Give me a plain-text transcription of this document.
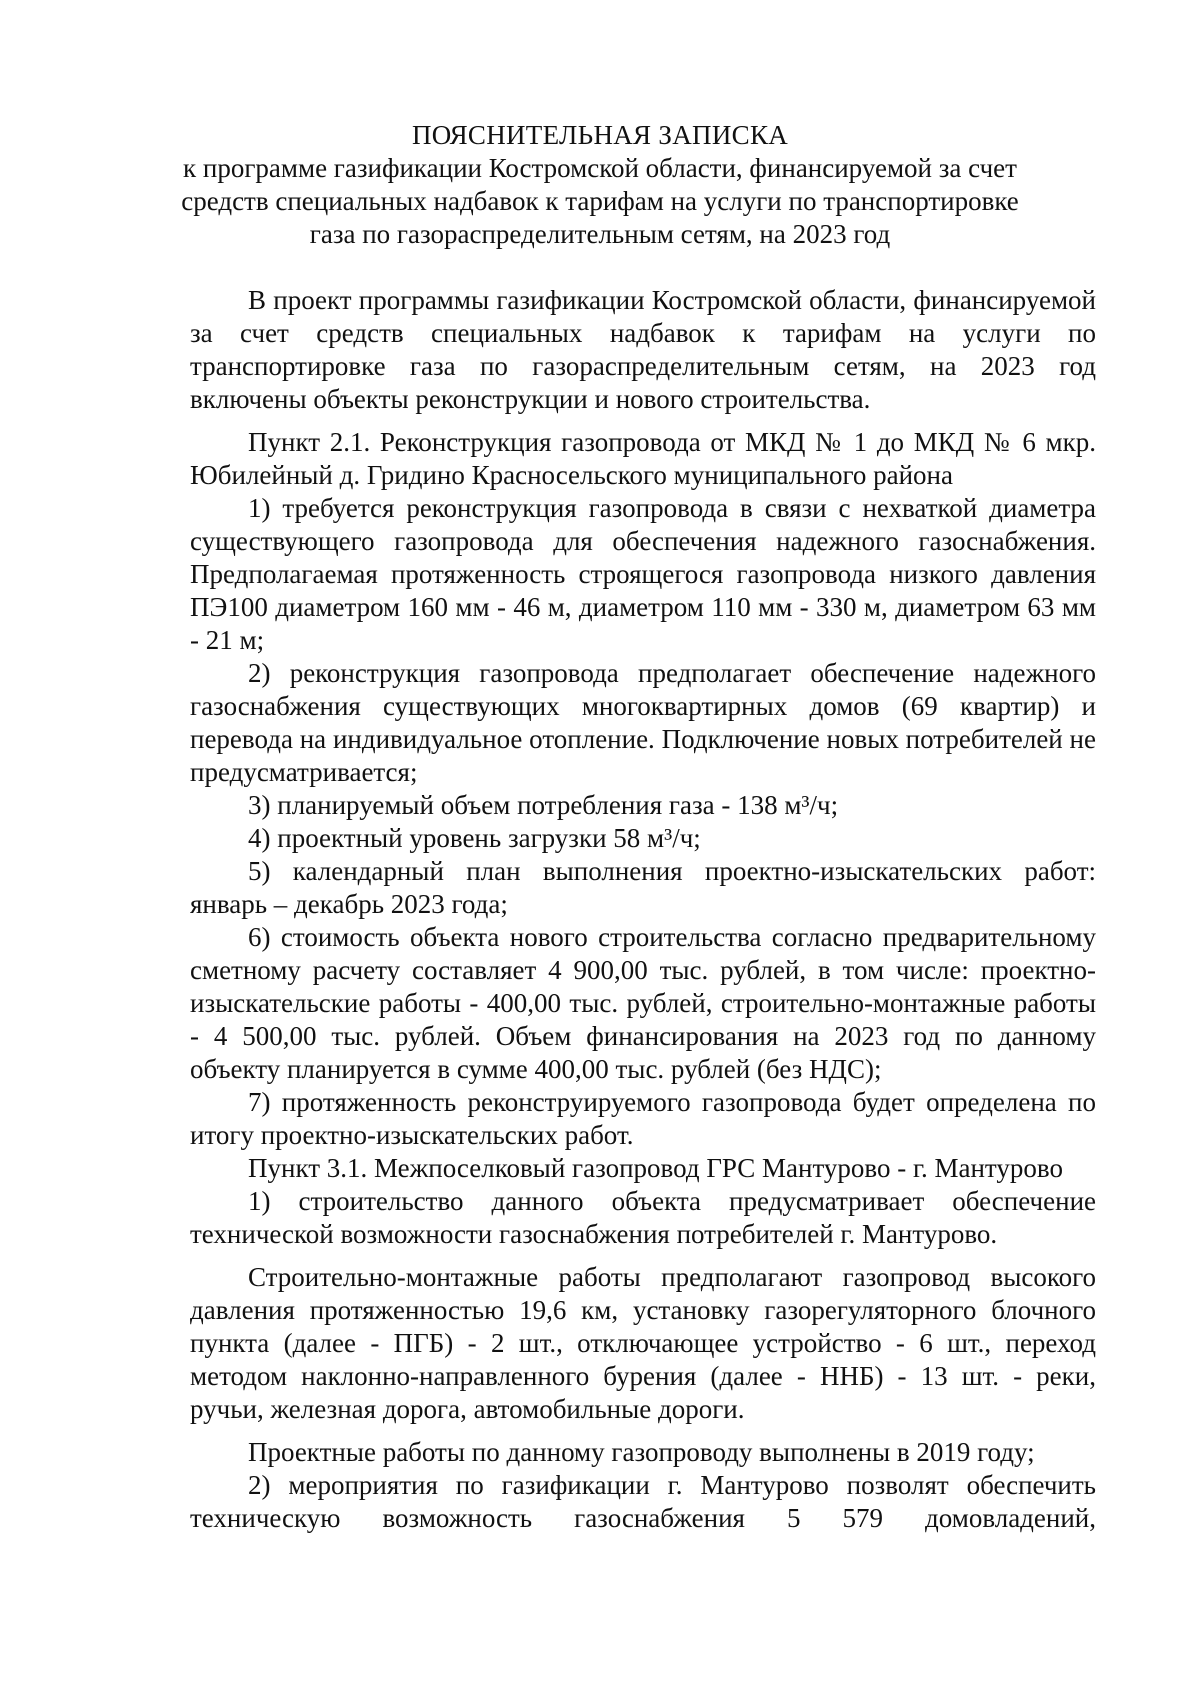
ПОЯСНИТЕЛЬНАЯ ЗАПИСКА

к программе газификации Костромской области, финансируемой за счет

средств специальных надбавок к тарифам на услуги по транспортировке

газа по газораспределительным сетям, на 2023 год

В проект программы газификации Костромской области, финансируемой за счет средств специальных надбавок к тарифам на услуги по транспортировке газа по газораспределительным сетям, на 2023 год включены объекты реконструкции и нового строительства.

Пункт 2.1. Реконструкция газопровода от МКД № 1 до МКД № 6 мкр. Юбилейный д. Гридино Красносельского муниципального района

1) требуется реконструкция газопровода в связи с нехваткой диаметра существующего газопровода для обеспечения надежного газоснабжения. Предполагаемая протяженность строящегося газопровода низкого давления ПЭ100 диаметром 160 мм - 46 м, диаметром 110 мм - 330 м, диаметром 63 мм - 21 м;

2) реконструкция газопровода предполагает обеспечение надежного газоснабжения существующих многоквартирных домов (69 квартир) и перевода на индивидуальное отопление. Подключение новых потребителей не предусматривается;

3) планируемый объем потребления газа - 138 м³/ч;

4) проектный уровень загрузки 58 м³/ч;

5) календарный план выполнения проектно-изыскательских работ: январь – декабрь 2023 года;

6) стоимость объекта нового строительства согласно предварительному сметному расчету составляет 4 900,00 тыс. рублей, в том числе: проектно-изыскательские работы - 400,00 тыс. рублей, строительно-монтажные работы - 4 500,00 тыс. рублей. Объем финансирования на 2023 год по данному объекту планируется в сумме 400,00 тыс. рублей (без НДС);

7) протяженность реконструируемого газопровода будет определена по итогу проектно-изыскательских работ.

Пункт 3.1. Межпоселковый газопровод ГРС Мантурово - г. Мантурово

1) строительство данного объекта предусматривает обеспечение технической возможности газоснабжения потребителей г. Мантурово.

Строительно-монтажные работы предполагают газопровод высокого давления протяженностью 19,6 км, установку газорегуляторного блочного пункта (далее - ПГБ) - 2 шт., отключающее устройство - 6 шт., переход методом наклонно-направленного бурения (далее - ННБ) - 13 шт. - реки, ручьи, железная дорога, автомобильные дороги.

Проектные работы по данному газопроводу выполнены в 2019 году;

2) мероприятия по газификации г. Мантурово позволят обеспечить техническую возможность газоснабжения 5 579 домовладений,
